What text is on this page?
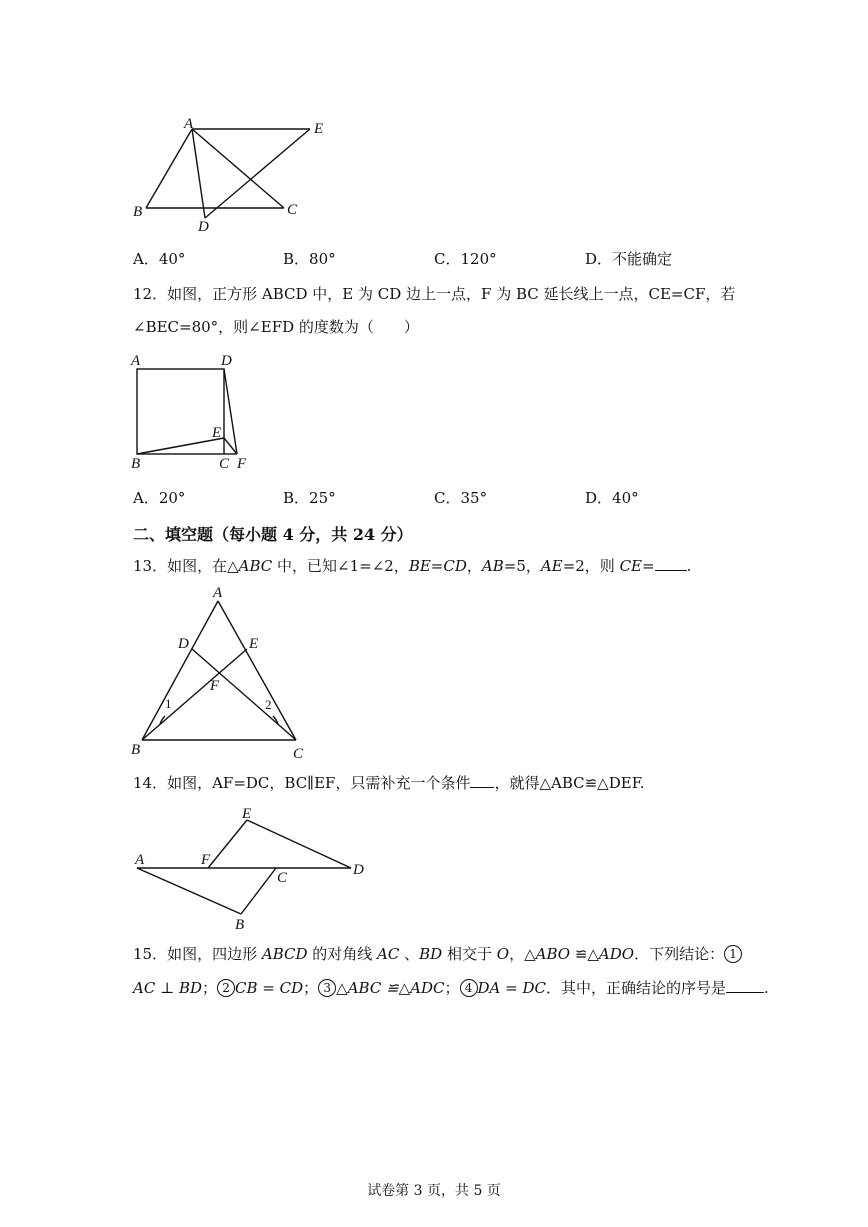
A	E
B
D
C
A．40°	B．80°	C．120°	D．不能确定
12．如图，正方形 ABCD 中，E 为 CD 边上一点，F 为 BC 延长线上一点，CE=CF，若
∠BEC=80°，则∠EFD 的度数为（　　）
A	D
E
B	C F
A．20°	B．25°	C．35°	D．40°
二、填空题（每小题 4 分，共 24 分）
13．如图，在△ABC 中，已知∠1=∠2，BE=CD，AB=5，AE=2，则 CE= .
A
D	E
F
1	2
B	C
14．如图，AF=DC，BC∥EF，只需补充一个条件 ，就得△ABC≌△DEF.
E
A	F
C	D
B
15．如图，四边形 ABCD 的对角线 AC 、BD 相交于 O，△ABO ≌△ADO．下列结论： 1
AC ⊥ BD； 2 CB = CD； 3 △ABC ≌△ADC； 4 DA = DC．其中，正确结论的序号是	.
试卷第 3 页，共 5 页
